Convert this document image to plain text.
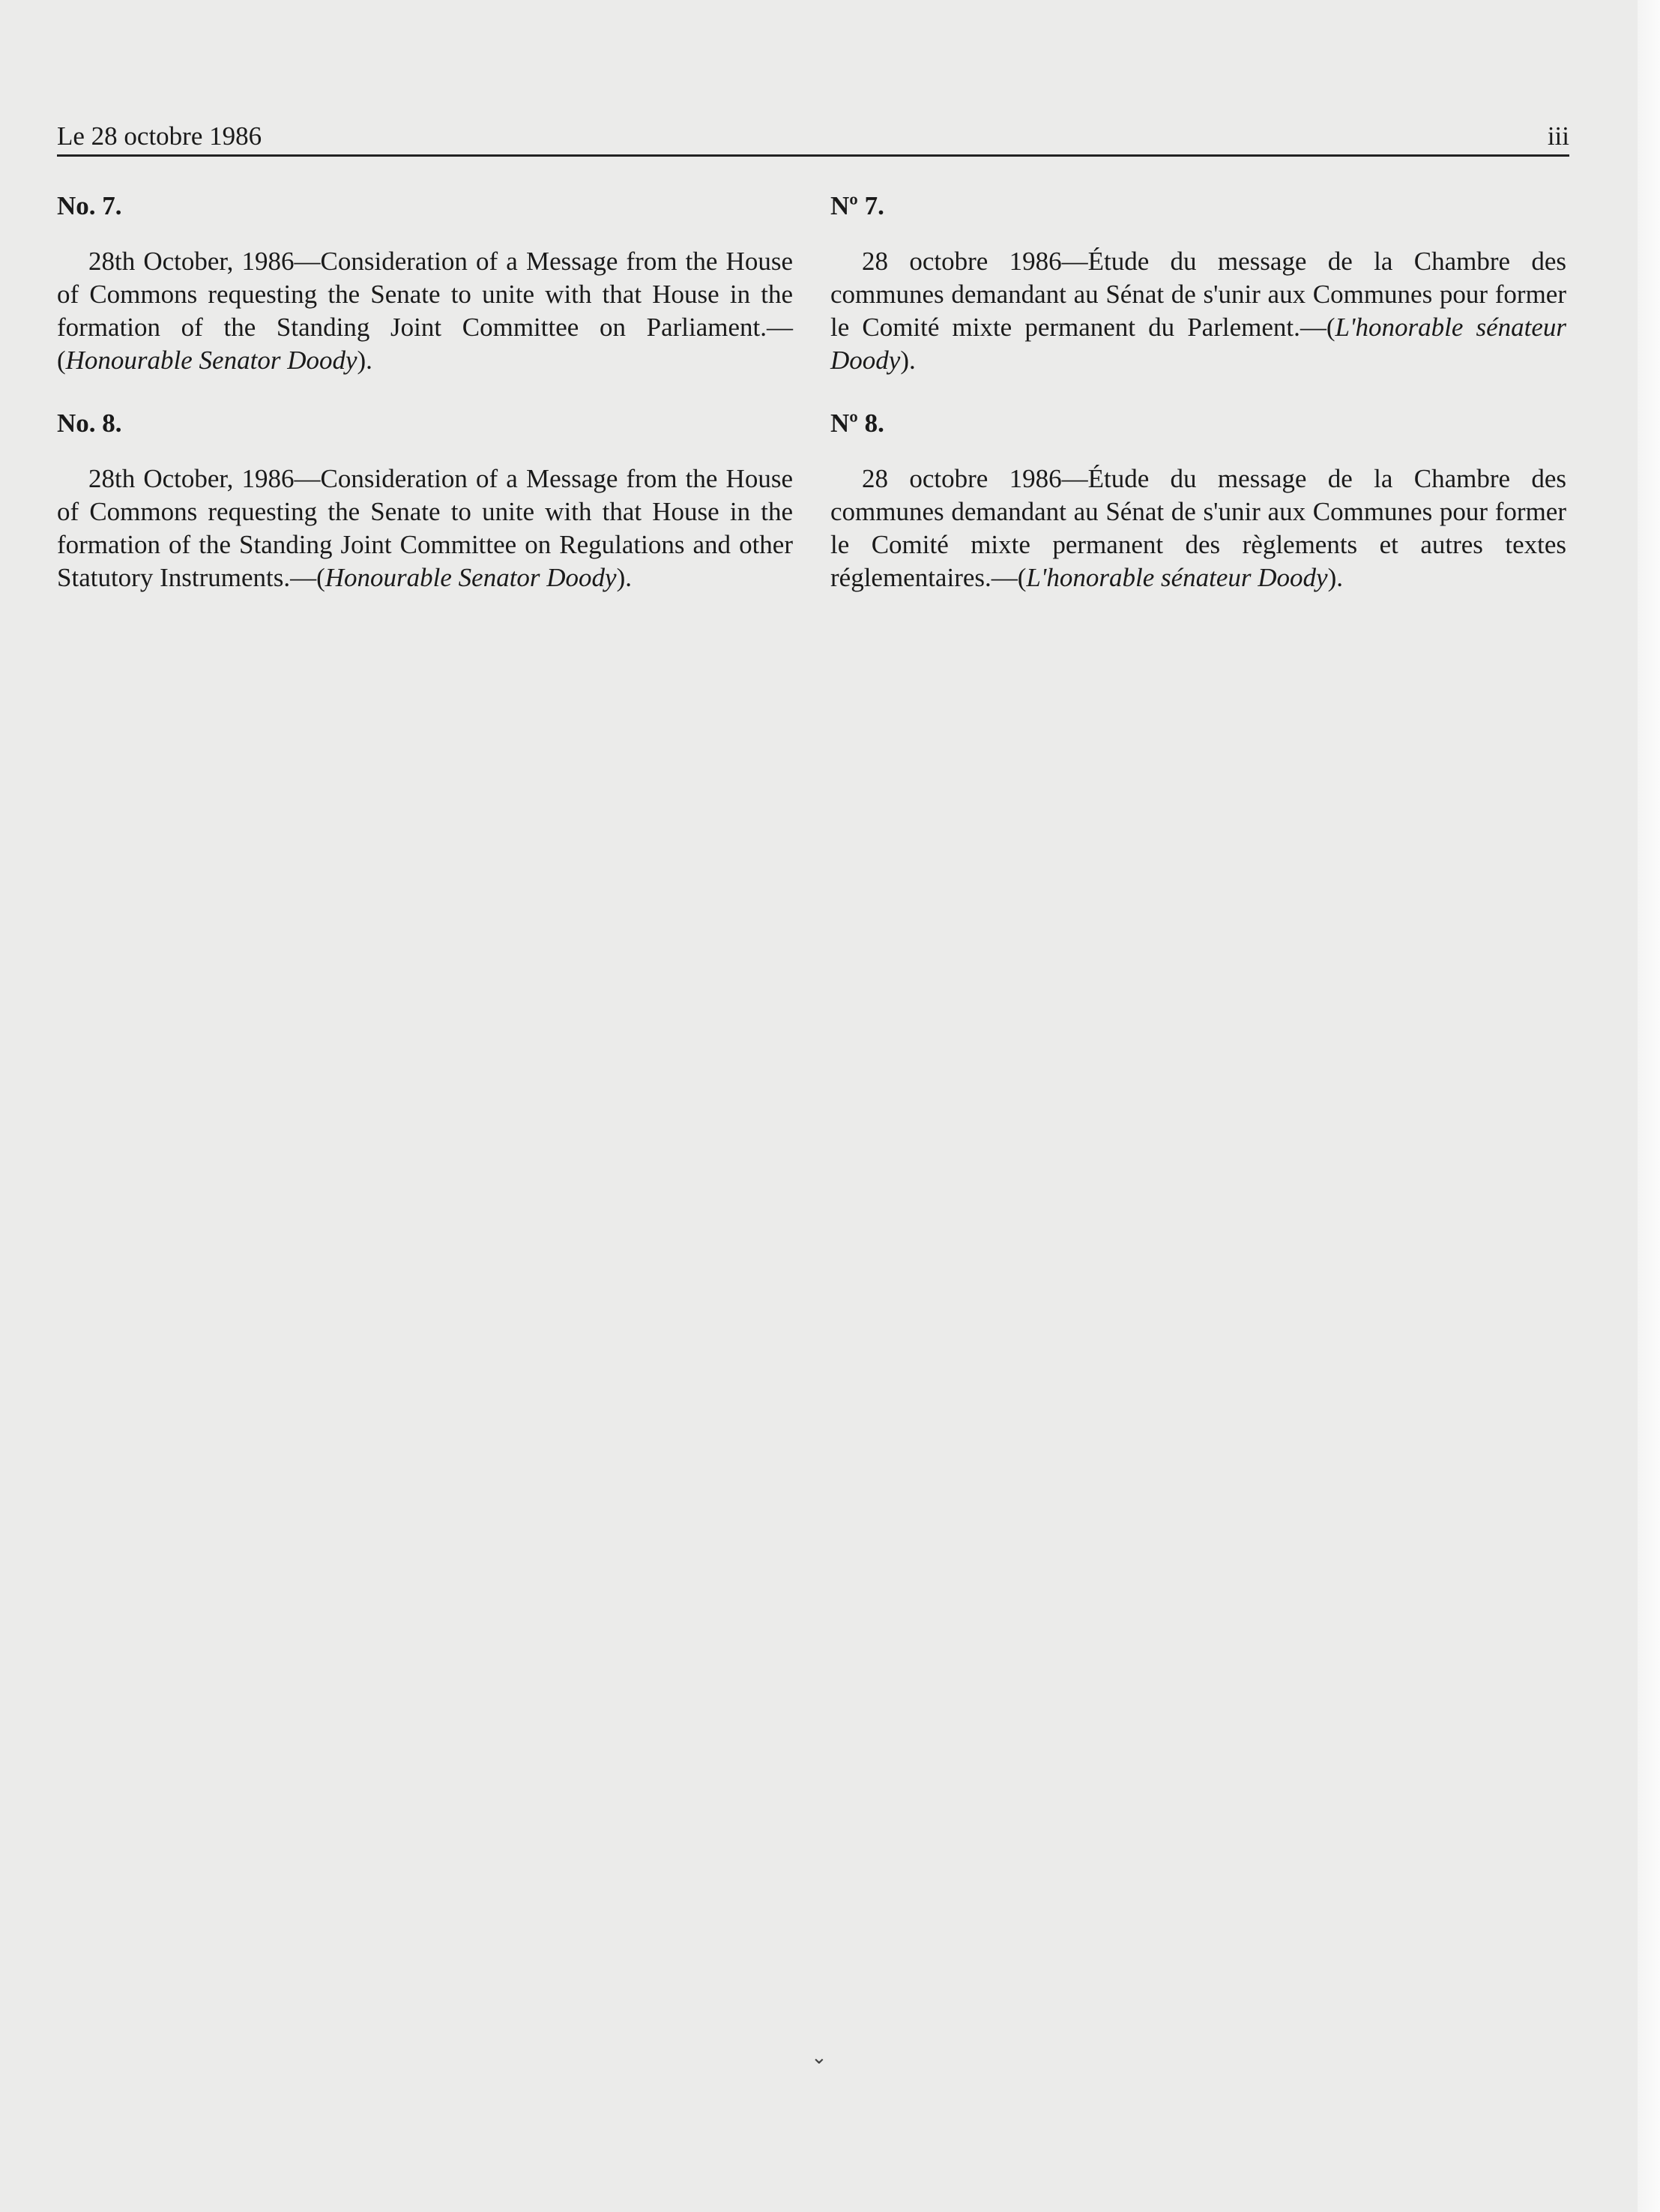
Le 28 octobre 1986	iii
No. 7.

28th October, 1986—Consideration of a Message from the House of Commons requesting the Senate to unite with that House in the formation of the Standing Joint Committee on Parliament.—(Honourable Senator Doody).

No. 8.

28th October, 1986—Consideration of a Message from the House of Commons requesting the Senate to unite with that House in the formation of the Standing Joint Committee on Regulations and other Statutory Instruments.—(Honourable Senator Doody).

Nº 7.

28 octobre 1986—Étude du message de la Chambre des communes demandant au Sénat de s'unir aux Communes pour former le Comité mixte permanent du Parlement.—(L'honorable sénateur Doody).

Nº 8.

28 octobre 1986—Étude du message de la Chambre des communes demandant au Sénat de s'unir aux Communes pour former le Comité mixte permanent des règlements et autres textes réglementaires.—(L'honorable sénateur Doody).

⌄
